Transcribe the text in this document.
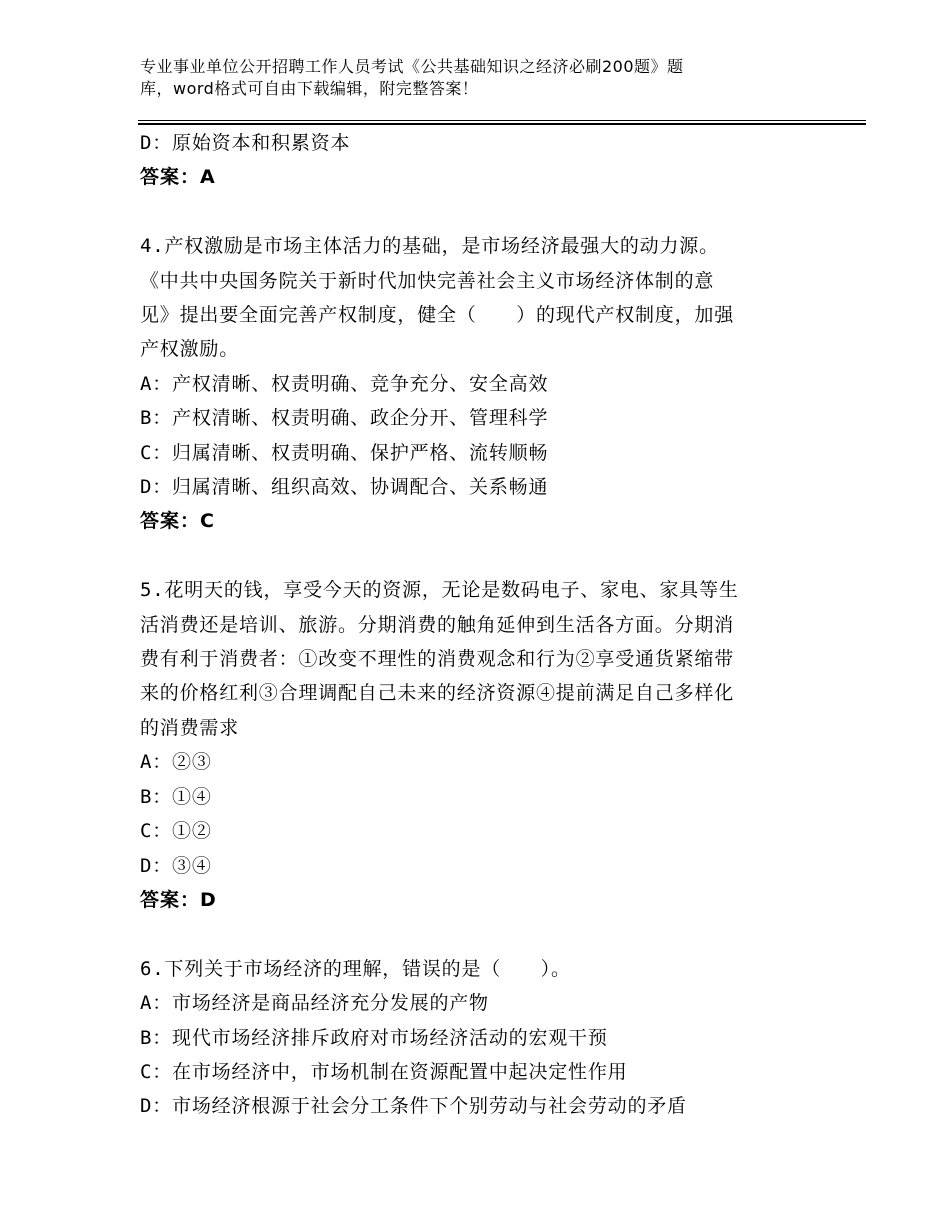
专业事业单位公开招聘工作人员考试《公共基础知识之经济必刷200题》题
库，word格式可自由下载编辑，附完整答案！

D：原始资本和积累资本

答案：A

4.产权激励是市场主体活力的基础，是市场经济最强大的动力源。

《中共中央国务院关于新时代加快完善社会主义市场经济体制的意

见》提出要全面完善产权制度，健全（　　）的现代产权制度，加强

产权激励。

A：产权清晰、权责明确、竞争充分、安全高效

B：产权清晰、权责明确、政企分开、管理科学

C：归属清晰、权责明确、保护严格、流转顺畅

D：归属清晰、组织高效、协调配合、关系畅通

答案：C

5.花明天的钱，享受今天的资源，无论是数码电子、家电、家具等生

活消费还是培训、旅游。分期消费的触角延伸到生活各方面。分期消

费有利于消费者：①改变不理性的消费观念和行为②享受通货紧缩带

来的价格红利③合理调配自己未来的经济资源④提前满足自己多样化

的消费需求

A：②③

B：①④

C：①②

D：③④

答案：D

6.下列关于市场经济的理解，错误的是（　　）。

A：市场经济是商品经济充分发展的产物

B：现代市场经济排斥政府对市场经济活动的宏观干预

C：在市场经济中，市场机制在资源配置中起决定性作用

D：市场经济根源于社会分工条件下个别劳动与社会劳动的矛盾
